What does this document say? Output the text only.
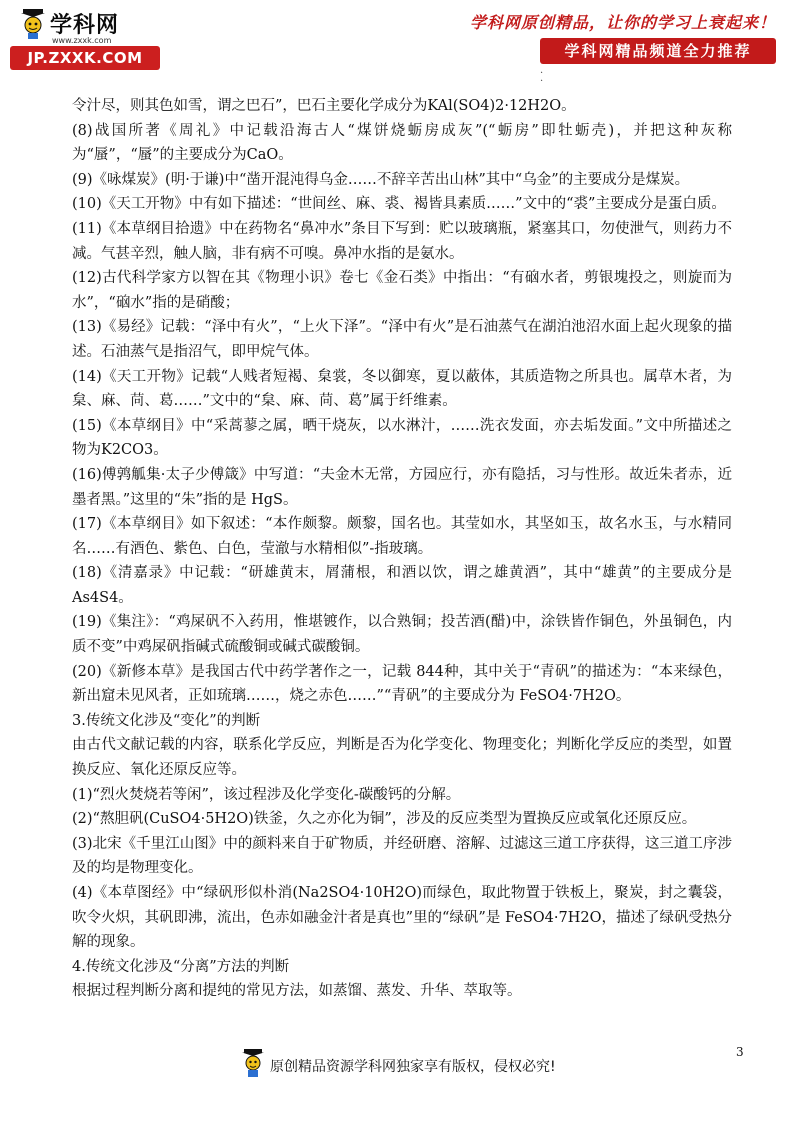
学科网
www.zxxk.com
JP.ZXXK.COM
学科网原创精品，让你的学习上衰起来！
学科网精品频道全力推荐
·
·

令汁尽，则其色如雪，谓之巴石”，巴石主要化学成分为KAl(SO4)2·12H2O。

(8)战国所著《周礼》中记载沿海古人“煤饼烧蛎房成灰”(“蛎房”即牡蛎壳)，并把这种灰称为“蜃”，“蜃”的主要成分为CaO。

(9)《咏煤炭》(明·于谦)中“凿开混沌得乌金……不辞辛苦出山林”其中“乌金”的主要成分是煤炭。

(10)《天工开物》中有如下描述：“世间丝、麻、裘、褐皆具素质……”文中的“裘”主要成分是蛋白质。

(11)《本草纲目拾遗》中在药物名“鼻冲水”条目下写到：贮以玻璃瓶，紧塞其口，勿使泄气，则药力不减。气甚辛烈，触人脑，非有病不可嗅。鼻冲水指的是氨水。

(12)古代科学家方以智在其《物理小识》卷七《金石类》中指出：“有硇水者，剪银塊投之，则旋而为水”，“硇水”指的是硝酸；

(13)《易经》记载：“泽中有火”，“上火下泽”。“泽中有火”是石油蒸气在湖泊池沼水面上起火现象的描述。石油蒸气是指沼气，即甲烷气体。

(14)《天工开物》记载“人贱者短褐、枲裳，冬以御寒，夏以蔽体，其质造物之所具也。属草木者，为枲、麻、苘、葛……”文中的“枲、麻、苘、葛”属于纤维素。

(15)《本草纲目》中“采蒿蓼之属，晒干烧灰，以水淋汁，……洗衣发面，亦去垢发面。”文中所描述之物为K2CO3。

(16)傅鹑觚集·太子少傅箴》中写道：“夫金木无常，方园应行，亦有隐括，习与性形。故近朱者赤，近墨者黑。”这里的“朱”指的是 HgS。

(17)《本草纲目》如下叙述：“本作颇黎。颇黎，国名也。其莹如水，其坚如玉，故名水玉，与水精同名……有酒色、紫色、白色，莹澈与水精相似”-指玻璃。

(18)《清嘉录》中记载：“研雄黄末，屑蒲根，和酒以饮，谓之雄黄酒”，其中“雄黄”的主要成分是As4S4。

(19)《集注》：“鸡屎矾不入药用，惟堪镀作，以合熟铜；投苦酒(醋)中，涂铁皆作铜色，外虽铜色，内质不变”中鸡屎矾指碱式硫酸铜或碱式碳酸铜。

(20)《新修本草》是我国古代中药学著作之一，记载 844种，其中关于“青矾”的描述为：“本来绿色，新出窟未见风者，正如琉璃……，烧之赤色……”“青矾”的主要成分为 FeSO4·7H2O。

3.传统文化涉及“变化”的判断

由古代文献记载的内容，联系化学反应，判断是否为化学变化、物理变化；判断化学反应的类型，如置换反应、氧化还原反应等。

(1)“烈火焚烧若等闲”，该过程涉及化学变化-碳酸钙的分解。

(2)“熬胆矾(CuSO4·5H2O)铁釜，久之亦化为铜”，涉及的反应类型为置换反应或氧化还原反应。

(3)北宋《千里江山图》中的颜料来自于矿物质，并经研磨、溶解、过滤这三道工序获得，这三道工序涉及的均是物理变化。

(4)《本草图经》中“绿矾形似朴消(Na2SO4·10H2O)而绿色，取此物置于铁板上，聚炭，封之囊袋，吹令火炽，其矾即沸，流出，色赤如融金汁者是真也”里的“绿矾”是 FeSO4·7H2O，描述了绿矾受热分解的现象。

4.传统文化涉及“分离”方法的判断

根据过程判断分离和提纯的常见方法，如蒸馏、蒸发、升华、萃取等。

3
原创精品资源学科网独家享有版权，侵权必究!
